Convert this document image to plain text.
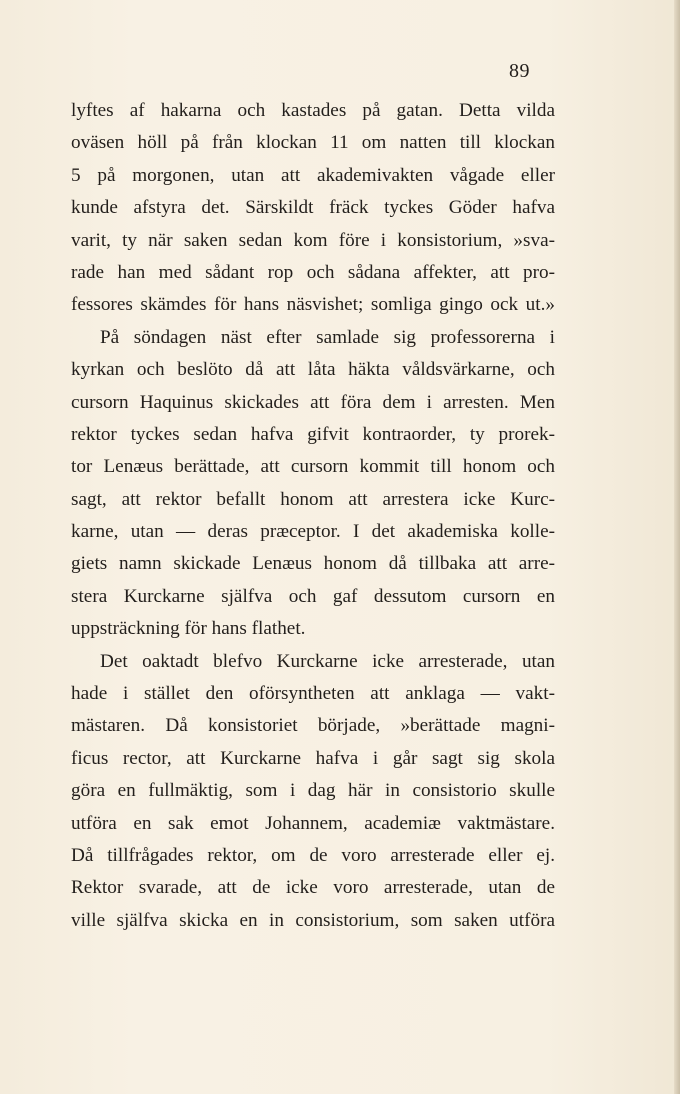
89
lyftes af hakarna och kastades på gatan. Detta vilda
oväsen höll på från klockan 11 om natten till klockan
5 på morgonen, utan att akademivakten vågade eller
kunde afstyra det. Särskildt fräck tyckes Göder hafva
varit, ty när saken sedan kom före i konsistorium, »sva-
rade han med sådant rop och sådana affekter, att pro-
fessores skämdes för hans näsvishet; somliga gingo ock ut.»
På söndagen näst efter samlade sig professorerna i
kyrkan och beslöto då att låta häkta våldsvärkarne, och
cursorn Haquinus skickades att föra dem i arresten. Men
rektor tyckes sedan hafva gifvit kontraorder, ty prorek-
tor Lenæus berättade, att cursorn kommit till honom och
sagt, att rektor befallt honom att arrestera icke Kurc-
karne, utan — deras præceptor. I det akademiska kolle-
giets namn skickade Lenæus honom då tillbaka att arre-
stera Kurckarne själfva och gaf dessutom cursorn en
uppsträckning för hans flathet.
Det oaktadt blefvo Kurckarne icke arresterade, utan
hade i stället den oförsyntheten att anklaga — vakt-
mästaren. Då konsistoriet började, »berättade magni-
ficus rector, att Kurckarne hafva i går sagt sig skola
göra en fullmäktig, som i dag här in consistorio skulle
utföra en sak emot Johannem, academiæ vaktmästare.
Då tillfrågades rektor, om de voro arresterade eller ej.
Rektor svarade, att de icke voro arresterade, utan de
ville själfva skicka en in consistorium, som saken utföra
